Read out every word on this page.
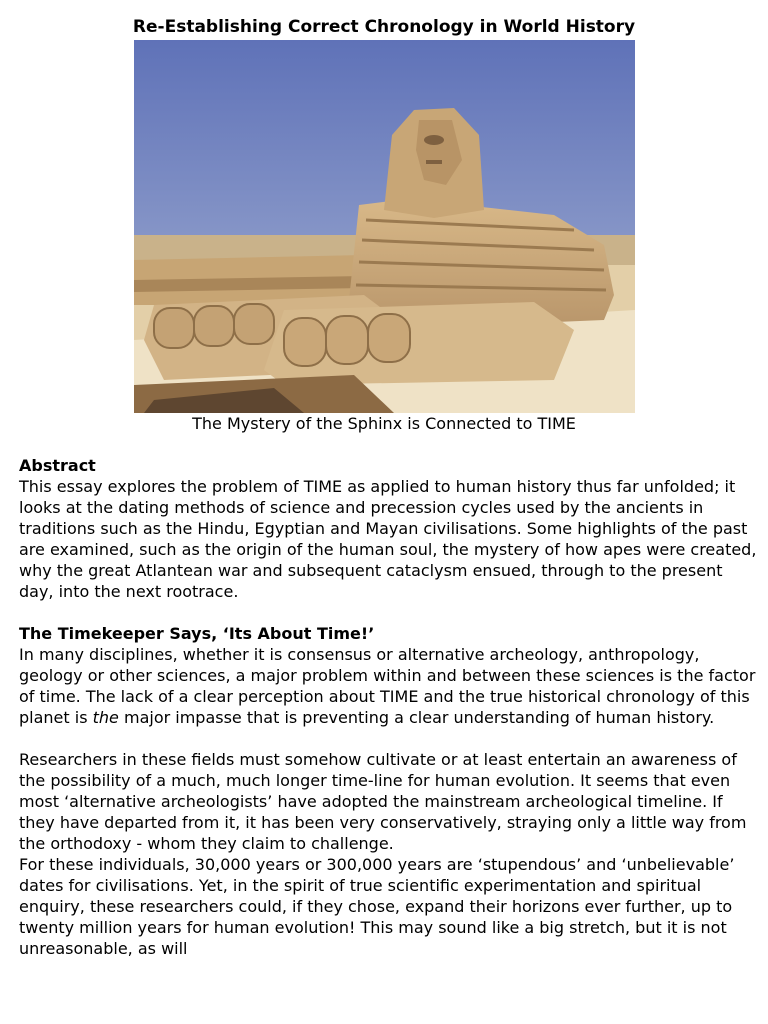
Re-Establishing Correct Chronology in World History
The Mystery of the Sphinx is Connected to TIME
Abstract

This essay explores the problem of TIME as applied to human history thus far unfolded; it looks at the dating methods of science and precession cycles used by the ancients in traditions such as the Hindu, Egyptian and Mayan civilisations. Some highlights of the past are examined, such as the origin of the human soul, the mystery of how apes were created, why the great Atlantean war and subsequent cataclysm ensued, through to the present day, into the next rootrace.

The Timekeeper Says, ‘Its About Time!’

In many disciplines, whether it is consensus or alternative archeology, anthropology, geology or other sciences, a major problem within and between these sciences is the factor of time. The lack of a clear perception about TIME and the true historical chronology of this planet is the major impasse that is preventing a clear understanding of human history.

Researchers in these fields must somehow cultivate or at least entertain an awareness of the possibility of a much, much longer time-line for human evolution. It seems that even most ‘alternative archeologists’ have adopted the mainstream archeological timeline. If they have departed from it, it has been very conservatively, straying only a little way from the orthodoxy - whom they claim to challenge.

For these individuals, 30,000 years or 300,000 years are ‘stupendous’ and ‘unbelievable’ dates for civilisations. Yet, in the spirit of true scientific experimentation and spiritual enquiry, these researchers could, if they chose, expand their horizons ever further, up to twenty million years for human evolution! This may sound like a big stretch, but it is not unreasonable, as will
